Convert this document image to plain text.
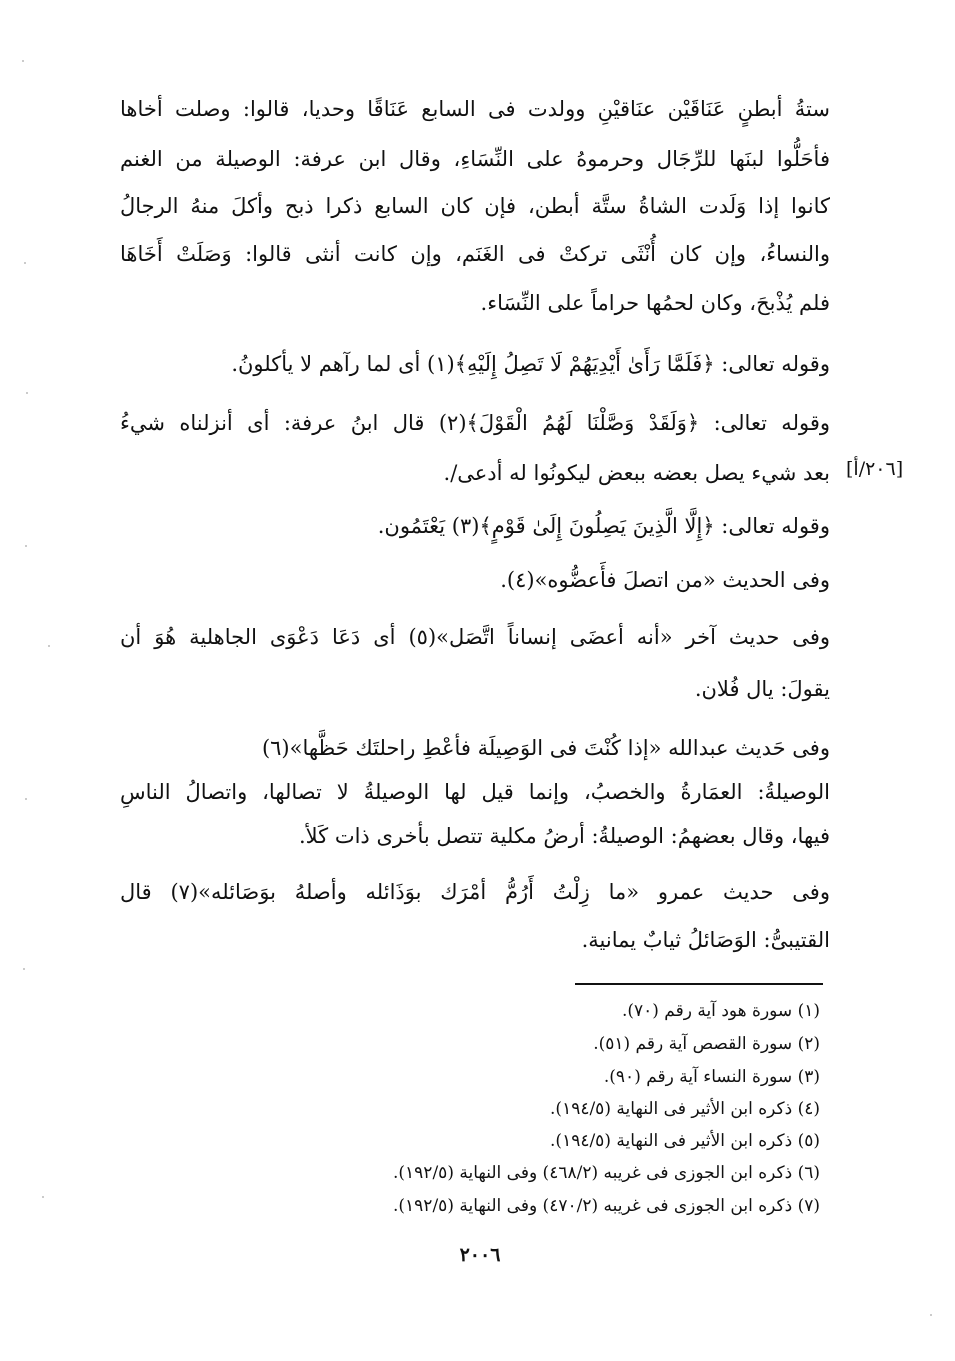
ستةُ أبطنٍ عَنَاقَيْن عنَاقيْنِ وولدت فى السابع عَنَاقًا وحديا، قالوا: وصلت أخاها
فأحَلُّوا لبنَها للرِّجَال وحرموهُ على النِّسَاءِ، وقال ابن عرفة: الوصيلة من الغنم
كانوا إذا وَلَدت الشاةُ ستَّة أبطن، فإن كان السابع ذكرا ذبح وأكلَ منهُ الرجالُ
والنساءُ، وإن كان أُنْثَى تركتْ فى الغَنَم، وإن كانت أنثى قالوا: وَصَلَتْ أَخَاهَا
فلم يُذْبحَ، وكان لحمُها حراماً على النِّسَاء.
وقوله تعالى: ﴿فَلَمَّا رَأَىٰ أَيْدِيَهُمْ لَا تَصِلُ إِلَيْهِ﴾(١) أى لما رآهم لا يأكلونُ.
وقوله تعالى: ﴿وَلَقَدْ وَصَّلْنَا لَهُمُ الْقَوْلَ﴾(٢) قال ابنُ عرفة: أى أنزلناه شيءُ
بعد شيء يصل بعضه ببعض ليكونُوا له أدعى/.
وقوله تعالى: ﴿إِلَّا الَّذِينَ يَصِلُونَ إِلَىٰ قَوْمٍ﴾(٣) يَعْتَمُون.
وفى الحديث «من اتصلَ فأَعضُّوه»(٤).
وفى حديث آخر «أنه أعضَى إنساناً اتَّصَل»(٥) أى دَعَا دَعْوَى الجاهلية هُوَ أن
يقولَ: يال فُلان.
وفى حَديث عبدالله «إذا كُنْتَ فى الوَصِيلَة فأعْطِ راحلتَك حَظَّها»(٦)
الوصيلةُ: العمَارةُ والخصبُ، وإنما قيل لها الوصيلةُ لا تصالها، واتصالُ الناسِ
فيها، وقال بعضهمُ: الوصيلةُ: أرضُ مكلية تتصل بأخرى ذات كَلأ.
وفى حديث عمرو «ما زِلْتُ أَرُمُّ أمْرَك بوَذَائله وأصلهُ بوَصَائله»(٧) قال
القتيبىُّ: الوَصَائلُ ثيابٌ يمانية.
[٢٠٦/أ]
(١) سورة هود آية رقم (٧٠).
(٢) سورة القصص آية رقم (٥١).
(٣) سورة النساء آية رقم (٩٠).
(٤) ذكره ابن الأثير فى النهاية (١٩٤/٥).
(٥) ذكره ابن الأثير فى النهاية (١٩٤/٥).
(٦) ذكره ابن الجوزى فى غريبه (٤٦٨/٢) وفى النهاية (١٩٢/٥).
(٧) ذكره ابن الجوزى فى غريبه (٤٧٠/٢) وفى النهاية (١٩٢/٥).
٢٠٠٦
